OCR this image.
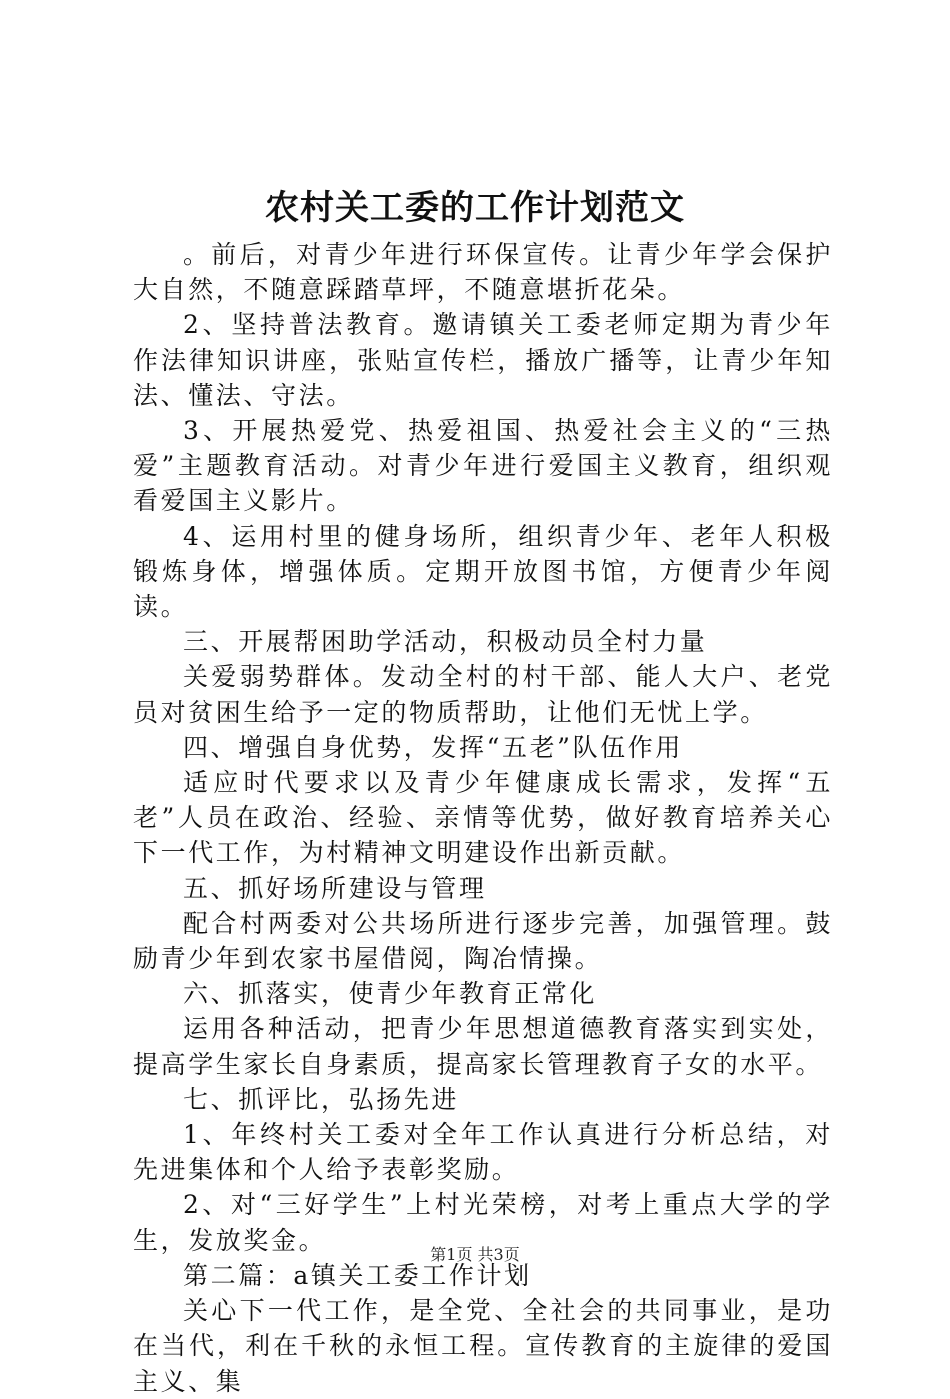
农村关工委的工作计划范文

。前后，对青少年进行环保宣传。让青少年学会保护大自然，不随意踩踏草坪，不随意堪折花朵。

2、坚持普法教育。邀请镇关工委老师定期为青少年作法律知识讲座，张贴宣传栏，播放广播等，让青少年知法、懂法、守法。

3、开展热爱党、热爱祖国、热爱社会主义的“三热爱”主题教育活动。对青少年进行爱国主义教育，组织观看爱国主义影片。

4、运用村里的健身场所，组织青少年、老年人积极锻炼身体，增强体质。定期开放图书馆，方便青少年阅读。

三、开展帮困助学活动，积极动员全村力量

关爱弱势群体。发动全村的村干部、能人大户、老党员对贫困生给予一定的物质帮助，让他们无忧上学。

四、增强自身优势，发挥“五老”队伍作用

适应时代要求以及青少年健康成长需求，发挥“五老”人员在政治、经验、亲情等优势，做好教育培养关心下一代工作，为村精神文明建设作出新贡献。

五、抓好场所建设与管理

配合村两委对公共场所进行逐步完善，加强管理。鼓励青少年到农家书屋借阅，陶冶情操。

六、抓落实，使青少年教育正常化

运用各种活动，把青少年思想道德教育落实到实处，提高学生家长自身素质，提高家长管理教育子女的水平。

七、抓评比，弘扬先进

1、年终村关工委对全年工作认真进行分析总结，对先进集体和个人给予表彰奖励。

2、对“三好学生”上村光荣榜，对考上重点大学的学生，发放奖金。

第二篇：a镇关工委工作计划

关心下一代工作，是全党、全社会的共同事业，是功在当代，利在千秋的永恒工程。宣传教育的主旋律的爱国主义、集

第1页 共3页
